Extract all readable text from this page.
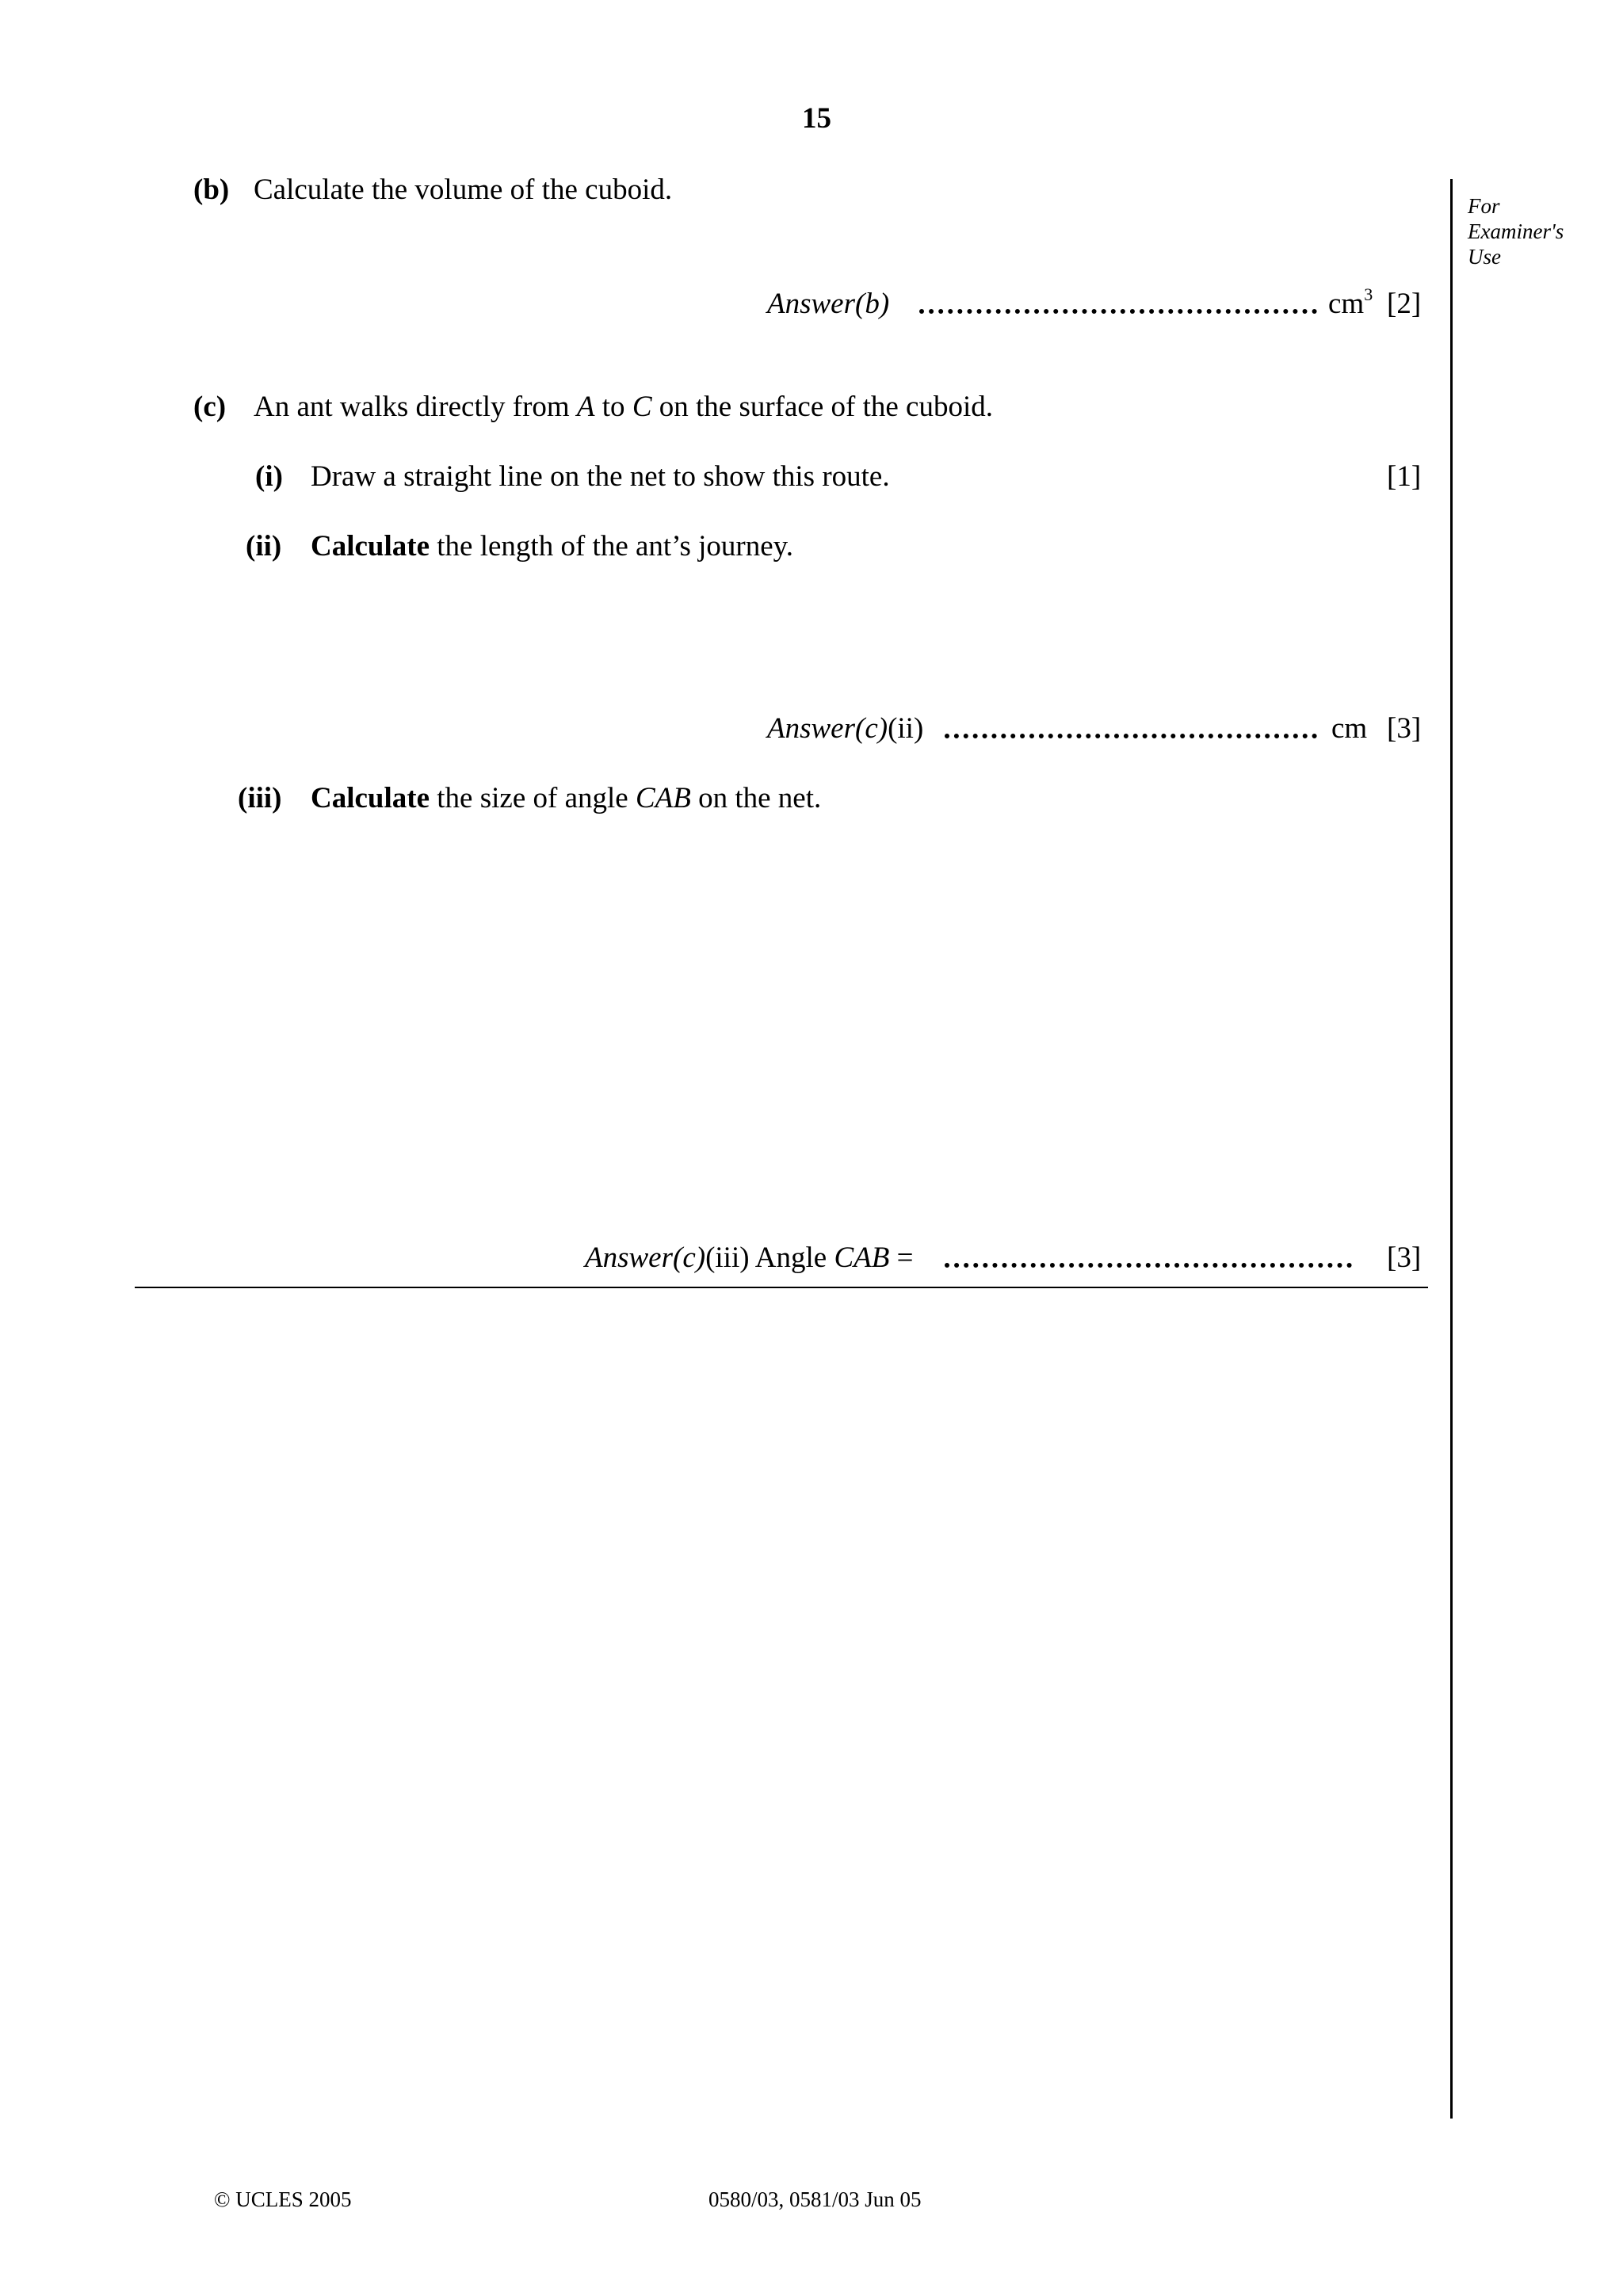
15
For
Examiner's
Use
(b) Calculate the volume of the cuboid.
Answer(b)	$cm^3$ [2]
(c) An ant walks directly from A to C on the surface of the cuboid.
(i) Draw a straight line on the net to show this route.	[1]
(ii) Calculate the length of the ant’s journey.
Answer(c)(ii)	cm [3]
(iii) Calculate the size of angle CAB on the net.
Answer(c)(iii) Angle CAB =	[3]
© UCLES 2005	0580/03, 0581/03 Jun 05
